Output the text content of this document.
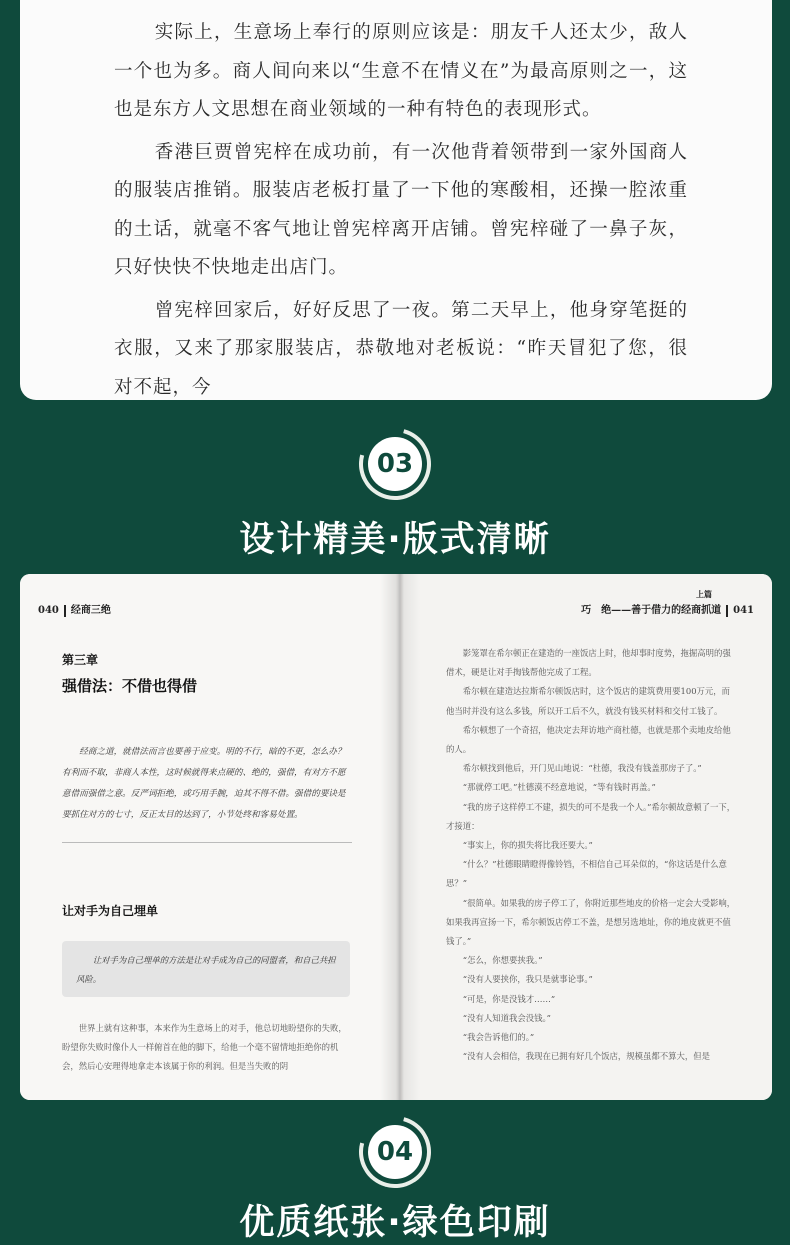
实际上，生意场上奉行的原则应该是：朋友千人还太少，敌人一个也为多。商人间向来以“生意不在情义在”为最高原则之一，这也是东方人文思想在商业领域的一种有特色的表现形式。

香港巨贾曾宪梓在成功前，有一次他背着领带到一家外国商人的服装店推销。服装店老板打量了一下他的寒酸相，还操一腔浓重的土话，就毫不客气地让曾宪梓离开店铺。曾宪梓碰了一鼻子灰，只好快快不快地走出店门。

曾宪梓回家后，好好反思了一夜。第二天早上，他身穿笔挺的衣服，又来了那家服装店，恭敬地对老板说：“昨天冒犯了您，很对不起，今

03
设计精美·版式清晰
040 经商三绝
第三章
强借法：不借也得借
经商之道，就借法而言也要善于应变。明的不行，暗的不更，怎么办？有利而不取，非商人本性，这时候就得来点硬的、绝的，强借，有对方不愿意借而强借之意。反严词拒绝，或巧用手腕，迫其不得不借。强借的要诀是要抓住对方的七寸，反正太目的达到了，小节处终和客易处置。
让对手为自己埋单
让对手为自己埋单的方法是让对手成为自己的同盟者，和自己共担风险。
世界上就有这种事，本来作为生意场上的对手，他总切地盼望你的失败，盼望你失败时像仆人一样俯首在他的脚下，给他一个毫不留情地拒绝你的机会，然后心安理得地拿走本该属于你的利润。但是当失败的阴
上篇
巧　绝——善于借力的经商抓道 041

影笼罩在希尔顿正在建造的一座饭店上时，他却事时度势，拖掘高明的强借术，硬是让对手掏钱帮他完成了工程。

希尔顿在建造达拉斯希尔顿饭店时，这个饭店的建筑费用要100万元，而他当时并没有这么多钱，所以开工后不久，就没有钱买材料和交付工钱了。

希尔顿想了一个奇招，他决定去拜访地产商杜德，也就是那个卖地皮给他的人。

希尔顿找到他后，开门见山地说：“杜德，我没有钱盖那房子了。”

“那就停工吧。”杜德漠不经意地说，“等有钱时再盖。”

“我的房子这样停工不建，损失的可不是我一个人。”希尔顿故意顿了一下，才接道：

“事实上，你的损失将比我还要大。”

“什么？”杜德眼睛瞪得像铃铛，不相信自己耳朵似的，“你这话是什么意思？”

“很简单。如果我的房子停工了，你附近那些地皮的价格一定会大受影响，如果我再宣扬一下，希尔顿饭店停工不盖，是想另选地址，你的地皮就更不值钱了。”

“怎么，你想要挟我。”

“没有人要挟你，我只是就事论事。”

“可是，你是没钱才……”

“没有人知道我会没钱。”

“我会告诉他们的。”

“没有人会相信，我现在已拥有好几个饭店，规模虽都不算大，但是

04
优质纸张·绿色印刷
